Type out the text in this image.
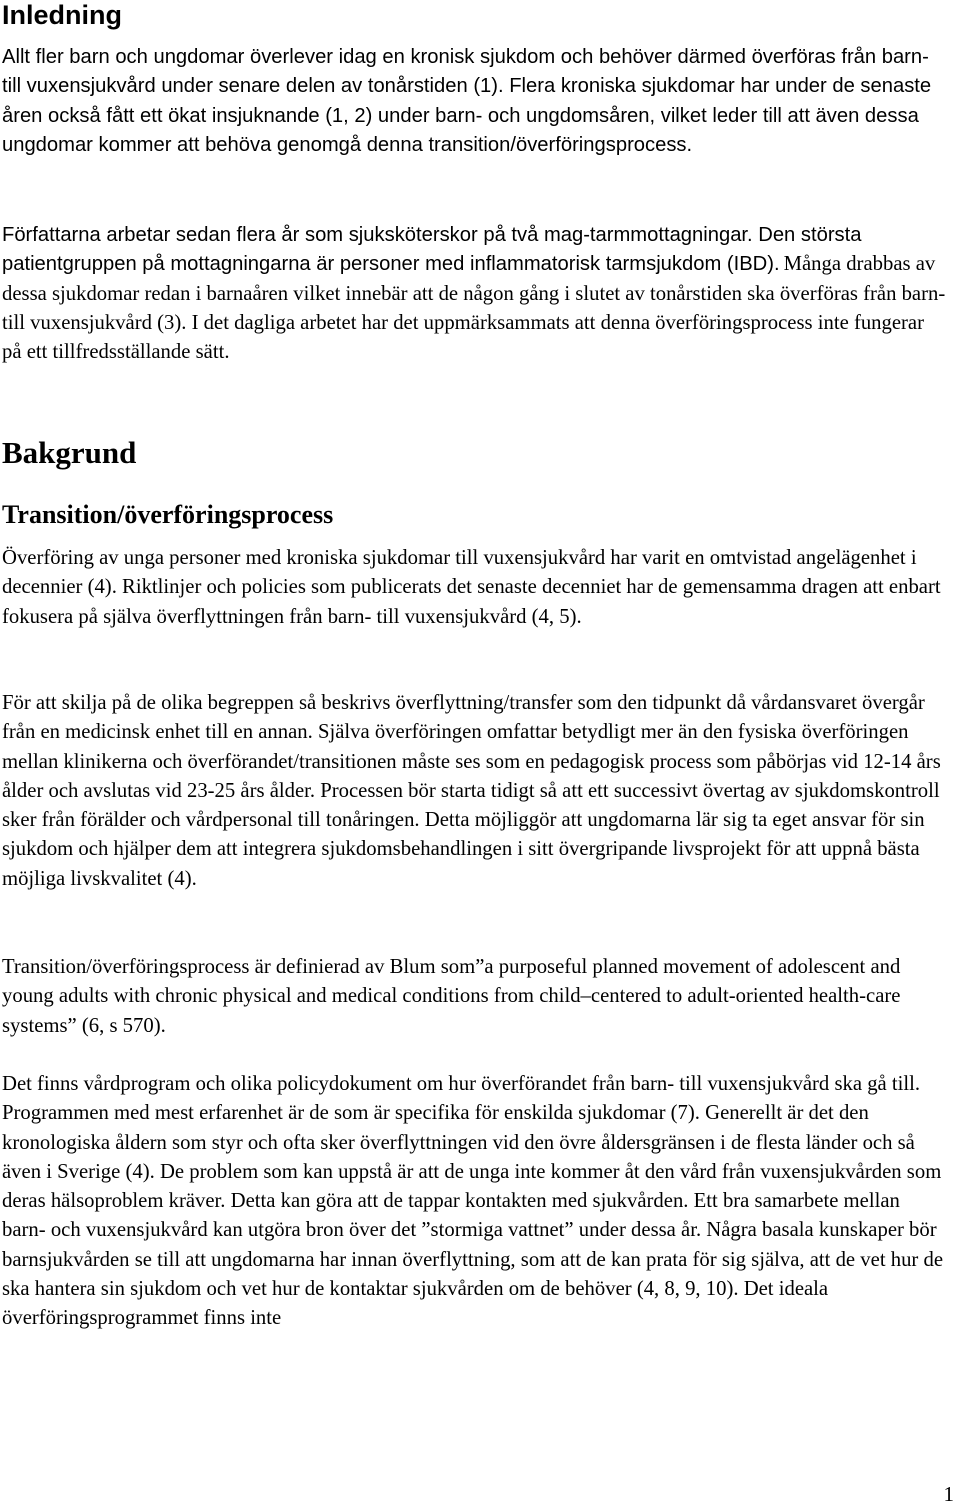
Inledning

Allt fler barn och ungdomar överlever idag en kronisk sjukdom och behöver därmed överföras från barn- till vuxensjukvård under senare delen av tonårstiden (1). Flera kroniska sjukdomar har under de senaste åren också fått ett ökat insjuknande (1, 2) under barn- och ungdomsåren, vilket leder till att även dessa ungdomar kommer att behöva genomgå denna transition/överföringsprocess.

Författarna arbetar sedan flera år som sjuksköterskor på två mag-tarmmottagningar. Den största patientgruppen på mottagningarna är personer med inflammatorisk tarmsjukdom (IBD). Många drabbas av dessa sjukdomar redan i barnaåren vilket innebär att de någon gång i slutet av tonårstiden ska överföras från barn- till vuxensjukvård (3). I det dagliga arbetet har det uppmärksammats att denna överföringsprocess inte fungerar på ett tillfredsställande sätt.
Bakgrund
Transition/överföringsprocess

Överföring av unga personer med kroniska sjukdomar till vuxensjukvård har varit en omtvistad angelägenhet i decennier (4). Riktlinjer och policies som publicerats det senaste decenniet har de gemensamma dragen att enbart fokusera på själva överflyttningen från barn- till vuxensjukvård (4, 5).

För att skilja på de olika begreppen så beskrivs överflyttning/transfer som den tidpunkt då vårdansvaret övergår från en medicinsk enhet till en annan. Själva överföringen omfattar betydligt mer än den fysiska överföringen mellan klinikerna och överförandet/transitionen måste ses som en pedagogisk process som påbörjas vid 12-14 års ålder och avslutas vid 23-25 års ålder. Processen bör starta tidigt så att ett successivt övertag av sjukdomskontroll sker från förälder och vårdpersonal till tonåringen. Detta möjliggör att ungdomarna lär sig ta eget ansvar för sin sjukdom och hjälper dem att integrera sjukdomsbehandlingen i sitt övergripande livsprojekt för att uppnå bästa möjliga livskvalitet (4).

Transition/överföringsprocess är definierad av Blum som”a purposeful planned movement of adolescent and young adults with chronic physical and medical conditions from child–centered to adult-oriented health-care systems” (6, s 570).

Det finns vårdprogram och olika policydokument om hur överförandet från barn- till vuxensjukvård ska gå till. Programmen med mest erfarenhet är de som är specifika för enskilda sjukdomar (7). Generellt är det den kronologiska åldern som styr och ofta sker överflyttningen vid den övre åldersgränsen i de flesta länder och så även i Sverige (4). De problem som kan uppstå är att de unga inte kommer åt den vård från vuxensjukvården som deras hälsoproblem kräver. Detta kan göra att de tappar kontakten med sjukvården. Ett bra samarbete mellan barn- och vuxensjukvård kan utgöra bron över det ”stormiga vattnet” under dessa år. Några basala kunskaper bör barnsjukvården se till att ungdomarna har innan överflyttning, som att de kan prata för sig själva, att de vet hur de ska hantera sin sjukdom och vet hur de kontaktar sjukvården om de behöver (4, 8, 9, 10). Det ideala överföringsprogrammet finns inte

1
